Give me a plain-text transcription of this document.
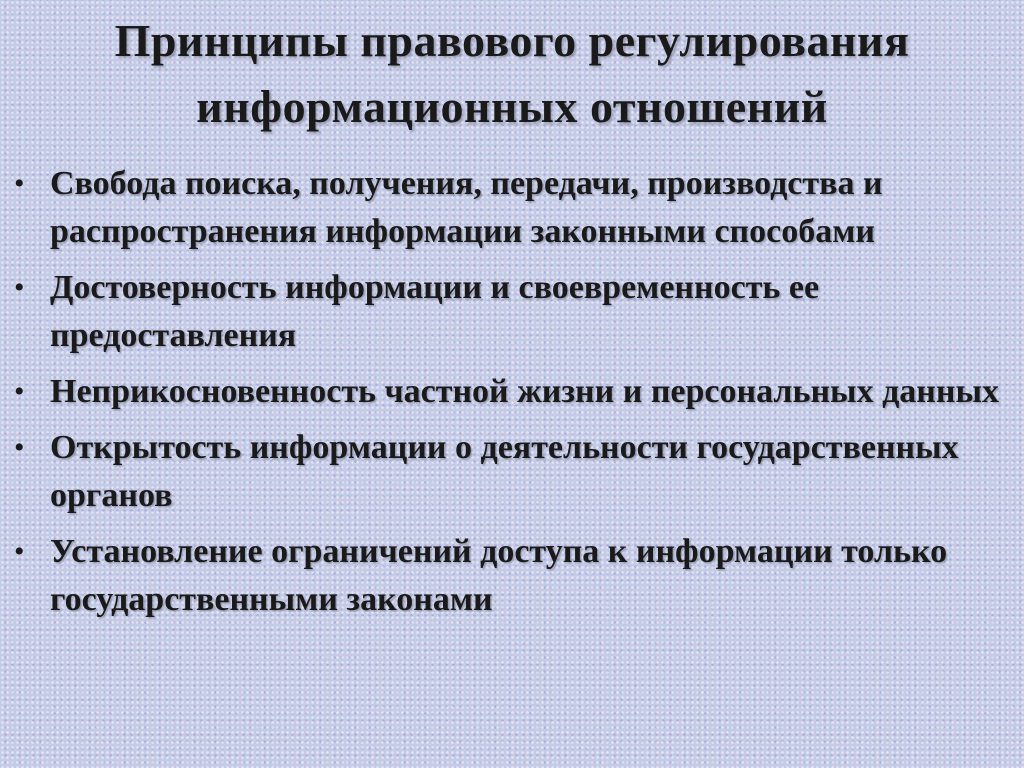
Принципы правового регулирования
информационных отношений
• Свобода поиска, получения, передачи, производства и распространения информации законными способами
• Достоверность информации и своевременность ее предоставления
• Неприкосновенность частной жизни и персональных данных
• Открытость информации о деятельности государственных органов
• Установление ограничений доступа к информации только государственными законами
